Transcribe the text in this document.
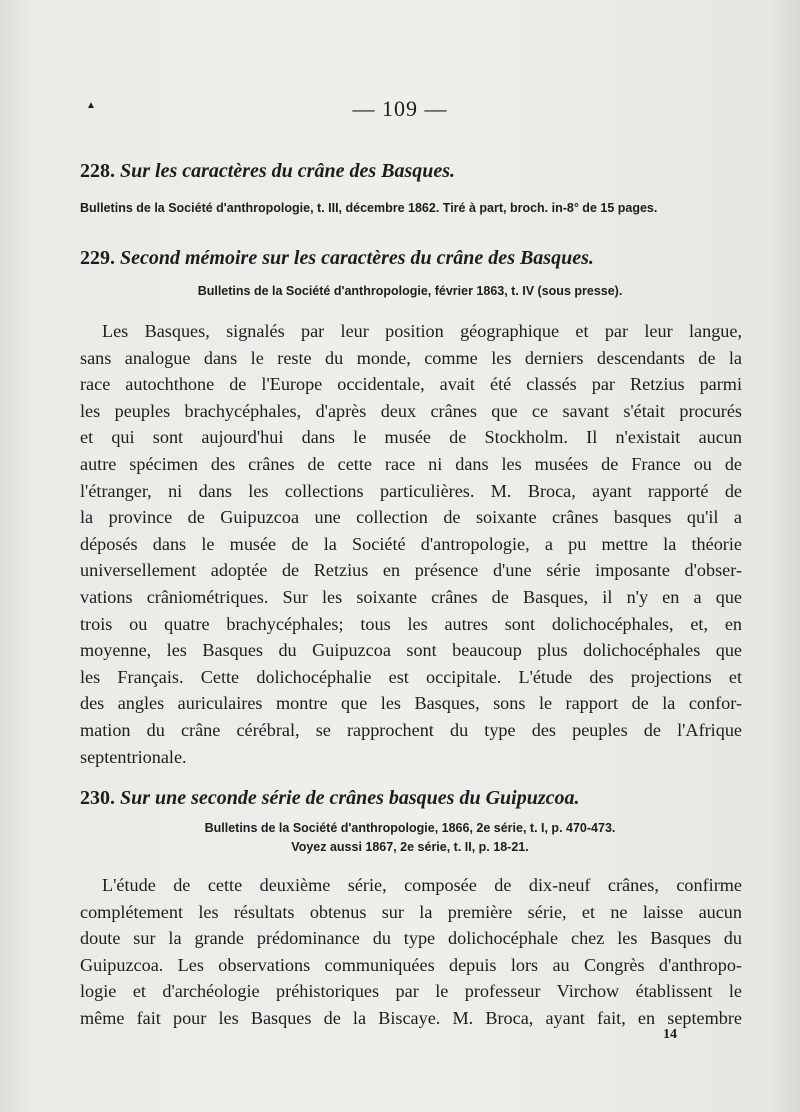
▲	— 109 —
228. Sur les caractères du crâne des Basques.
Bulletins de la Société d'anthropologie, t. III, décembre 1862. Tiré à part, broch. in-8° de 15 pages.
229. Second mémoire sur les caractères du crâne des Basques.
Bulletins de la Société d'anthropologie, février 1863, t. IV (sous presse).
Les Basques, signalés par leur position géographique et par leur langue,
sans analogue dans le reste du monde, comme les derniers descendants de la
race autochthone de l'Europe occidentale, avait été classés par Retzius parmi
les peuples brachycéphales, d'après deux crânes que ce savant s'était procurés
et qui sont aujourd'hui dans le musée de Stockholm. Il n'existait aucun
autre spécimen des crânes de cette race ni dans les musées de France ou de
l'étranger, ni dans les collections particulières. M. Broca, ayant rapporté de
la province de Guipuzcoa une collection de soixante crânes basques qu'il a
déposés dans le musée de la Société d'antropologie, a pu mettre la théorie
universellement adoptée de Retzius en présence d'une série imposante d'obser-
vations crâniométriques. Sur les soixante crânes de Basques, il n'y en a que
trois ou quatre brachycéphales; tous les autres sont dolichocéphales, et, en
moyenne, les Basques du Guipuzcoa sont beaucoup plus dolichocéphales que
les Français. Cette dolichocéphalie est occipitale. L'étude des projections et
des angles auriculaires montre que les Basques, sons le rapport de la confor-
mation du crâne cérébral, se rapprochent du type des peuples de l'Afrique
septentrionale.
230. Sur une seconde série de crânes basques du Guipuzcoa.
Bulletins de la Société d'anthropologie, 1866, 2e série, t. I, p. 470-473.
Voyez aussi 1867, 2e série, t. II, p. 18-21.
L'étude de cette deuxième série, composée de dix-neuf crânes, confirme
complétement les résultats obtenus sur la première série, et ne laisse aucun
doute sur la grande prédominance du type dolichocéphale chez les Basques du
Guipuzcoa. Les observations communiquées depuis lors au Congrès d'anthropo-
logie et d'archéologie préhistoriques par le professeur Virchow établissent le
même fait pour les Basques de la Biscaye. M. Broca, ayant fait, en septembre
14
